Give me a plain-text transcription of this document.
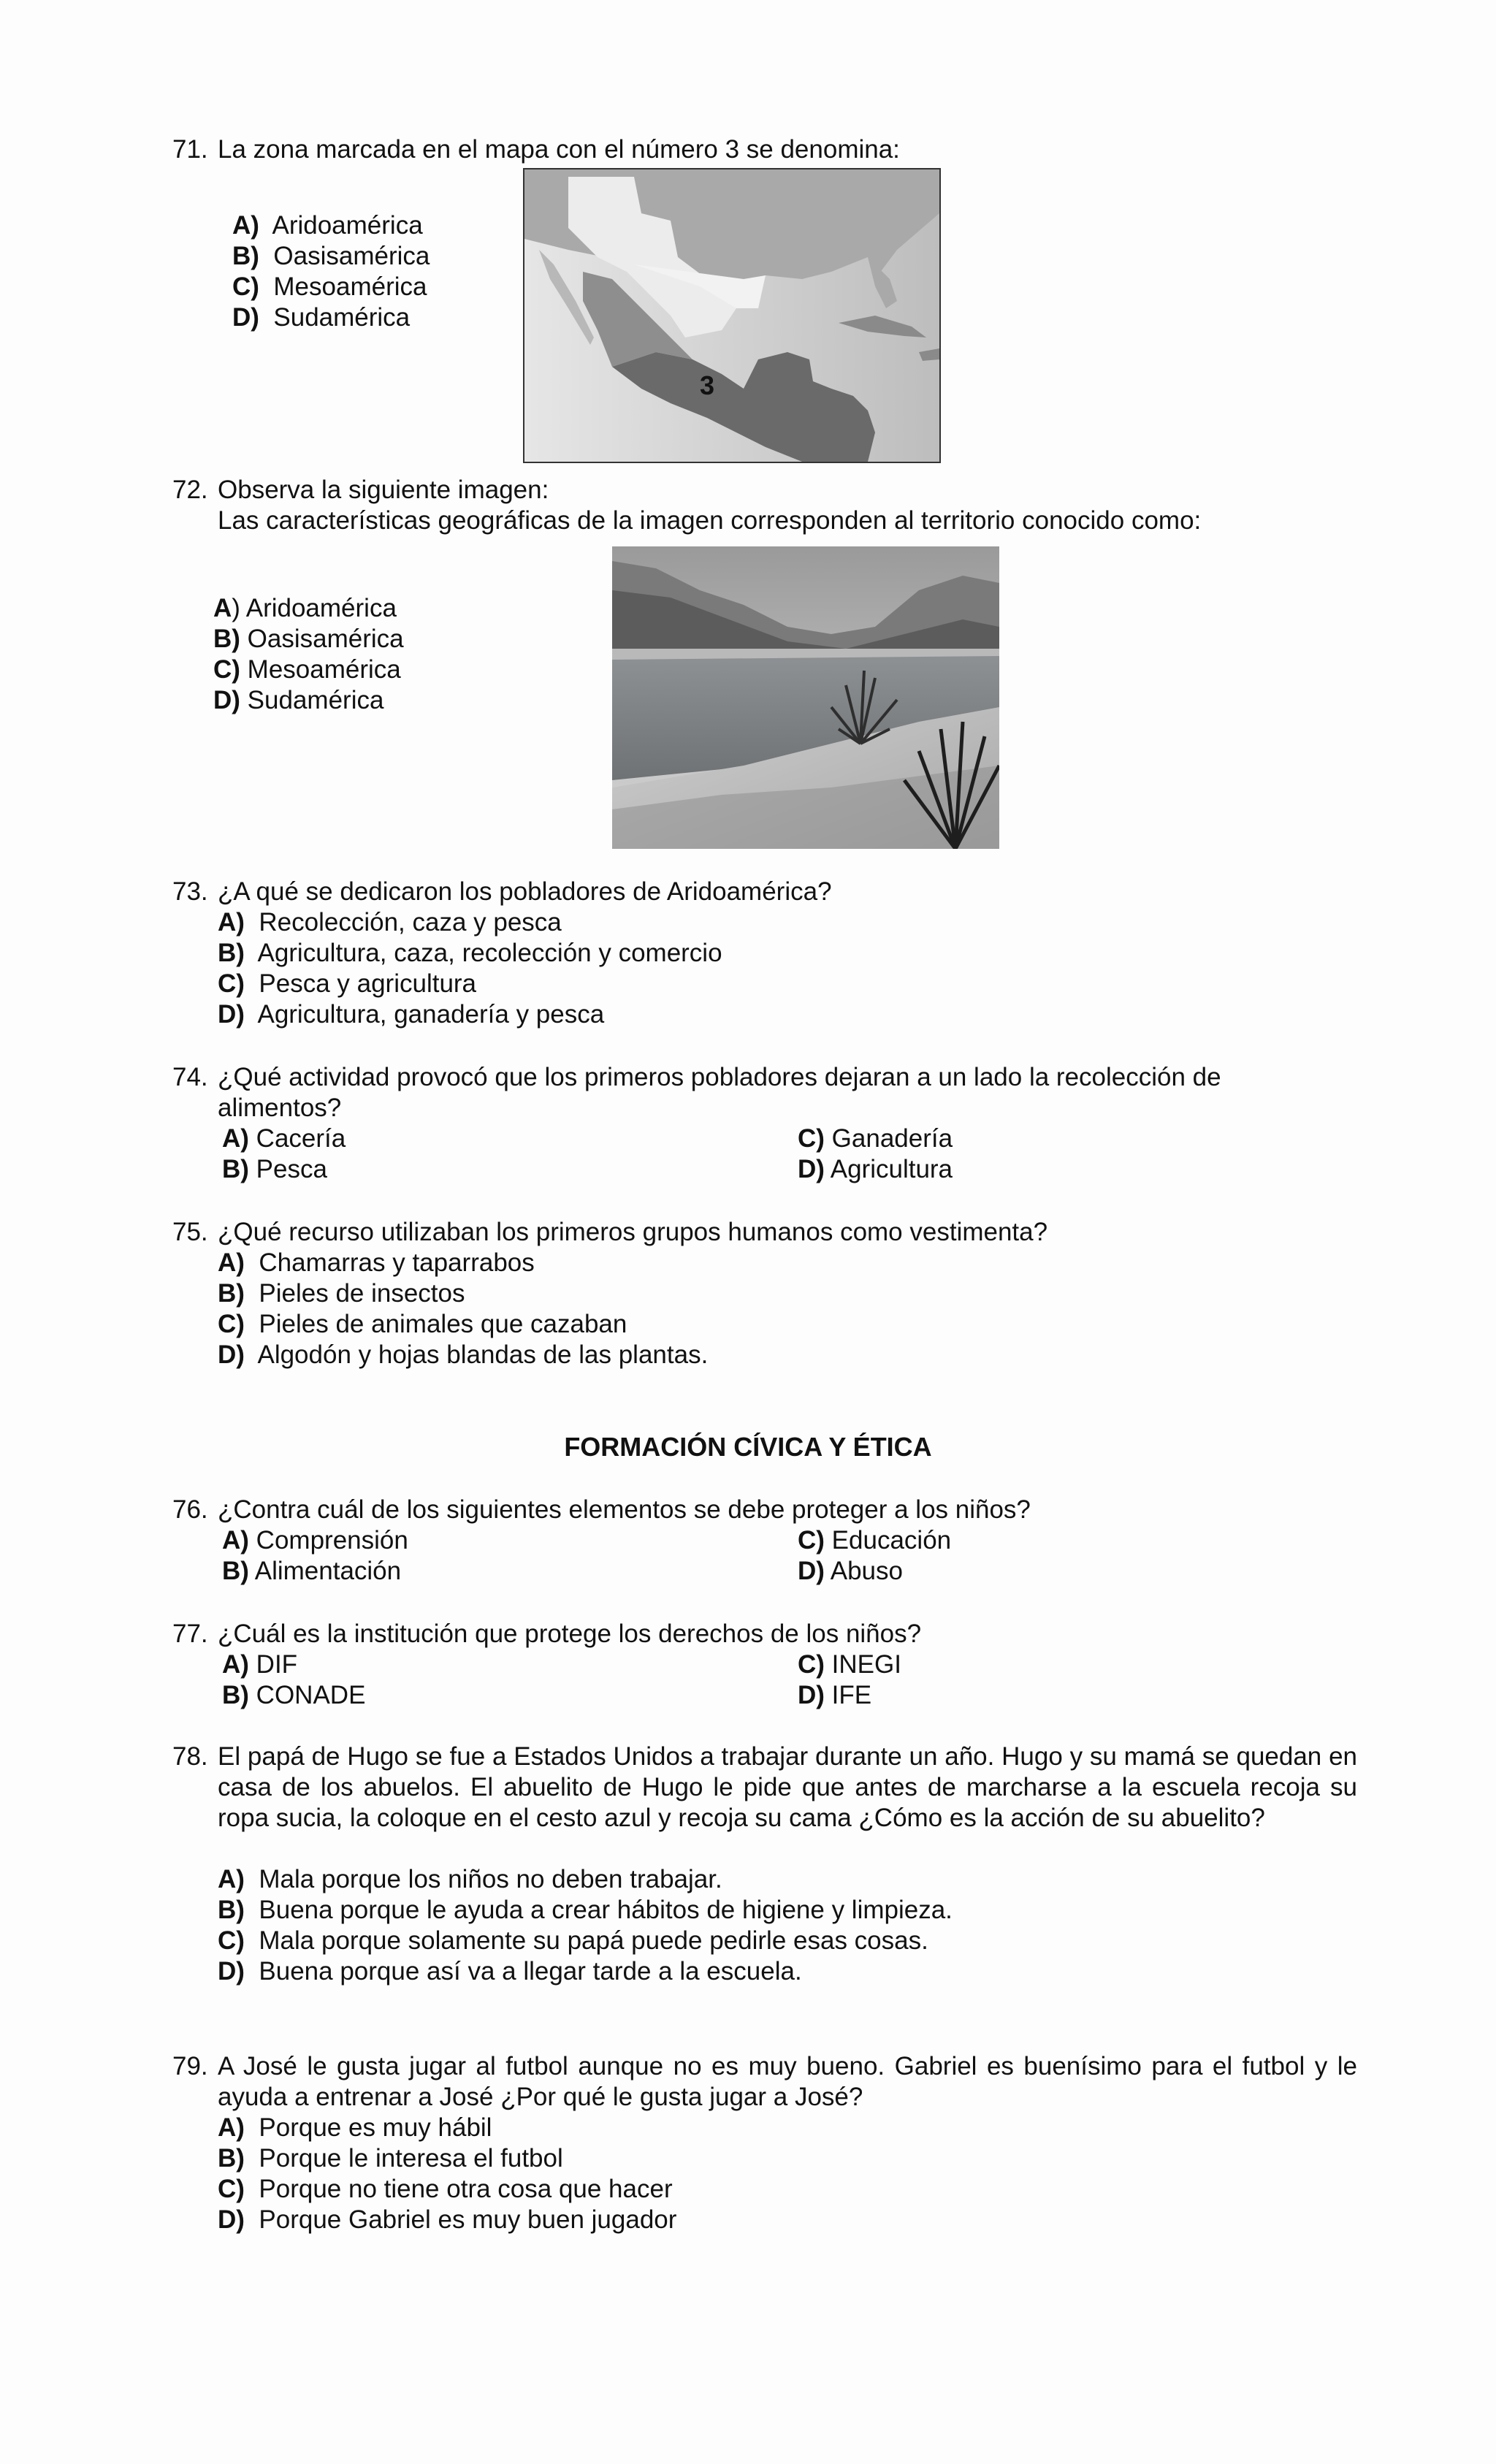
71. La zona marcada en el mapa con el número 3 se denomina:
A) Aridoamérica
B) Oasisamérica
C) Mesoamérica
D) Sudamérica
3
72. Observa la siguiente imagen:
Las características geográficas de la imagen corresponden al territorio conocido como:
A) Aridoamérica
B) Oasisamérica
C) Mesoamérica
D) Sudamérica
73. ¿A qué se dedicaron los pobladores de Aridoamérica?
A) Recolección, caza y pesca
B) Agricultura, caza, recolección y comercio
C) Pesca y agricultura
D) Agricultura, ganadería y pesca
74. ¿Qué actividad provocó que los primeros pobladores dejaran a un lado la recolección de
alimentos?
A) Cacería
B) Pesca
C) Ganadería
D) Agricultura
75. ¿Qué recurso utilizaban los primeros grupos humanos como vestimenta?
A) Chamarras y taparrabos
B) Pieles de insectos
C) Pieles de animales que cazaban
D) Algodón y hojas blandas de las plantas.
FORMACIÓN CÍVICA Y ÉTICA
76. ¿Contra cuál de los siguientes elementos se debe proteger a los niños?
A) Comprensión
B) Alimentación
C) Educación
D) Abuso
77. ¿Cuál es la institución que protege los derechos de los niños?
A) DIF
B) CONADE
C) INEGI
D) IFE
78. El papá de Hugo se fue a Estados Unidos a trabajar durante un año. Hugo y su mamá se quedan en casa de los abuelos. El abuelito de Hugo le pide que antes de marcharse a la escuela recoja su ropa sucia, la coloque en el cesto azul y recoja su cama ¿Cómo es la acción de su abuelito?
A) Mala porque los niños no deben trabajar.
B) Buena porque le ayuda a crear hábitos de higiene y limpieza.
C) Mala porque solamente su papá puede pedirle esas cosas.
D) Buena porque así va a llegar tarde a la escuela.
79. A José le gusta jugar al futbol aunque no es muy bueno. Gabriel es buenísimo para el futbol y le ayuda a entrenar a José ¿Por qué le gusta jugar a José?
A) Porque es muy hábil
B) Porque le interesa el futbol
C) Porque no tiene otra cosa que hacer
D) Porque Gabriel es muy buen jugador
